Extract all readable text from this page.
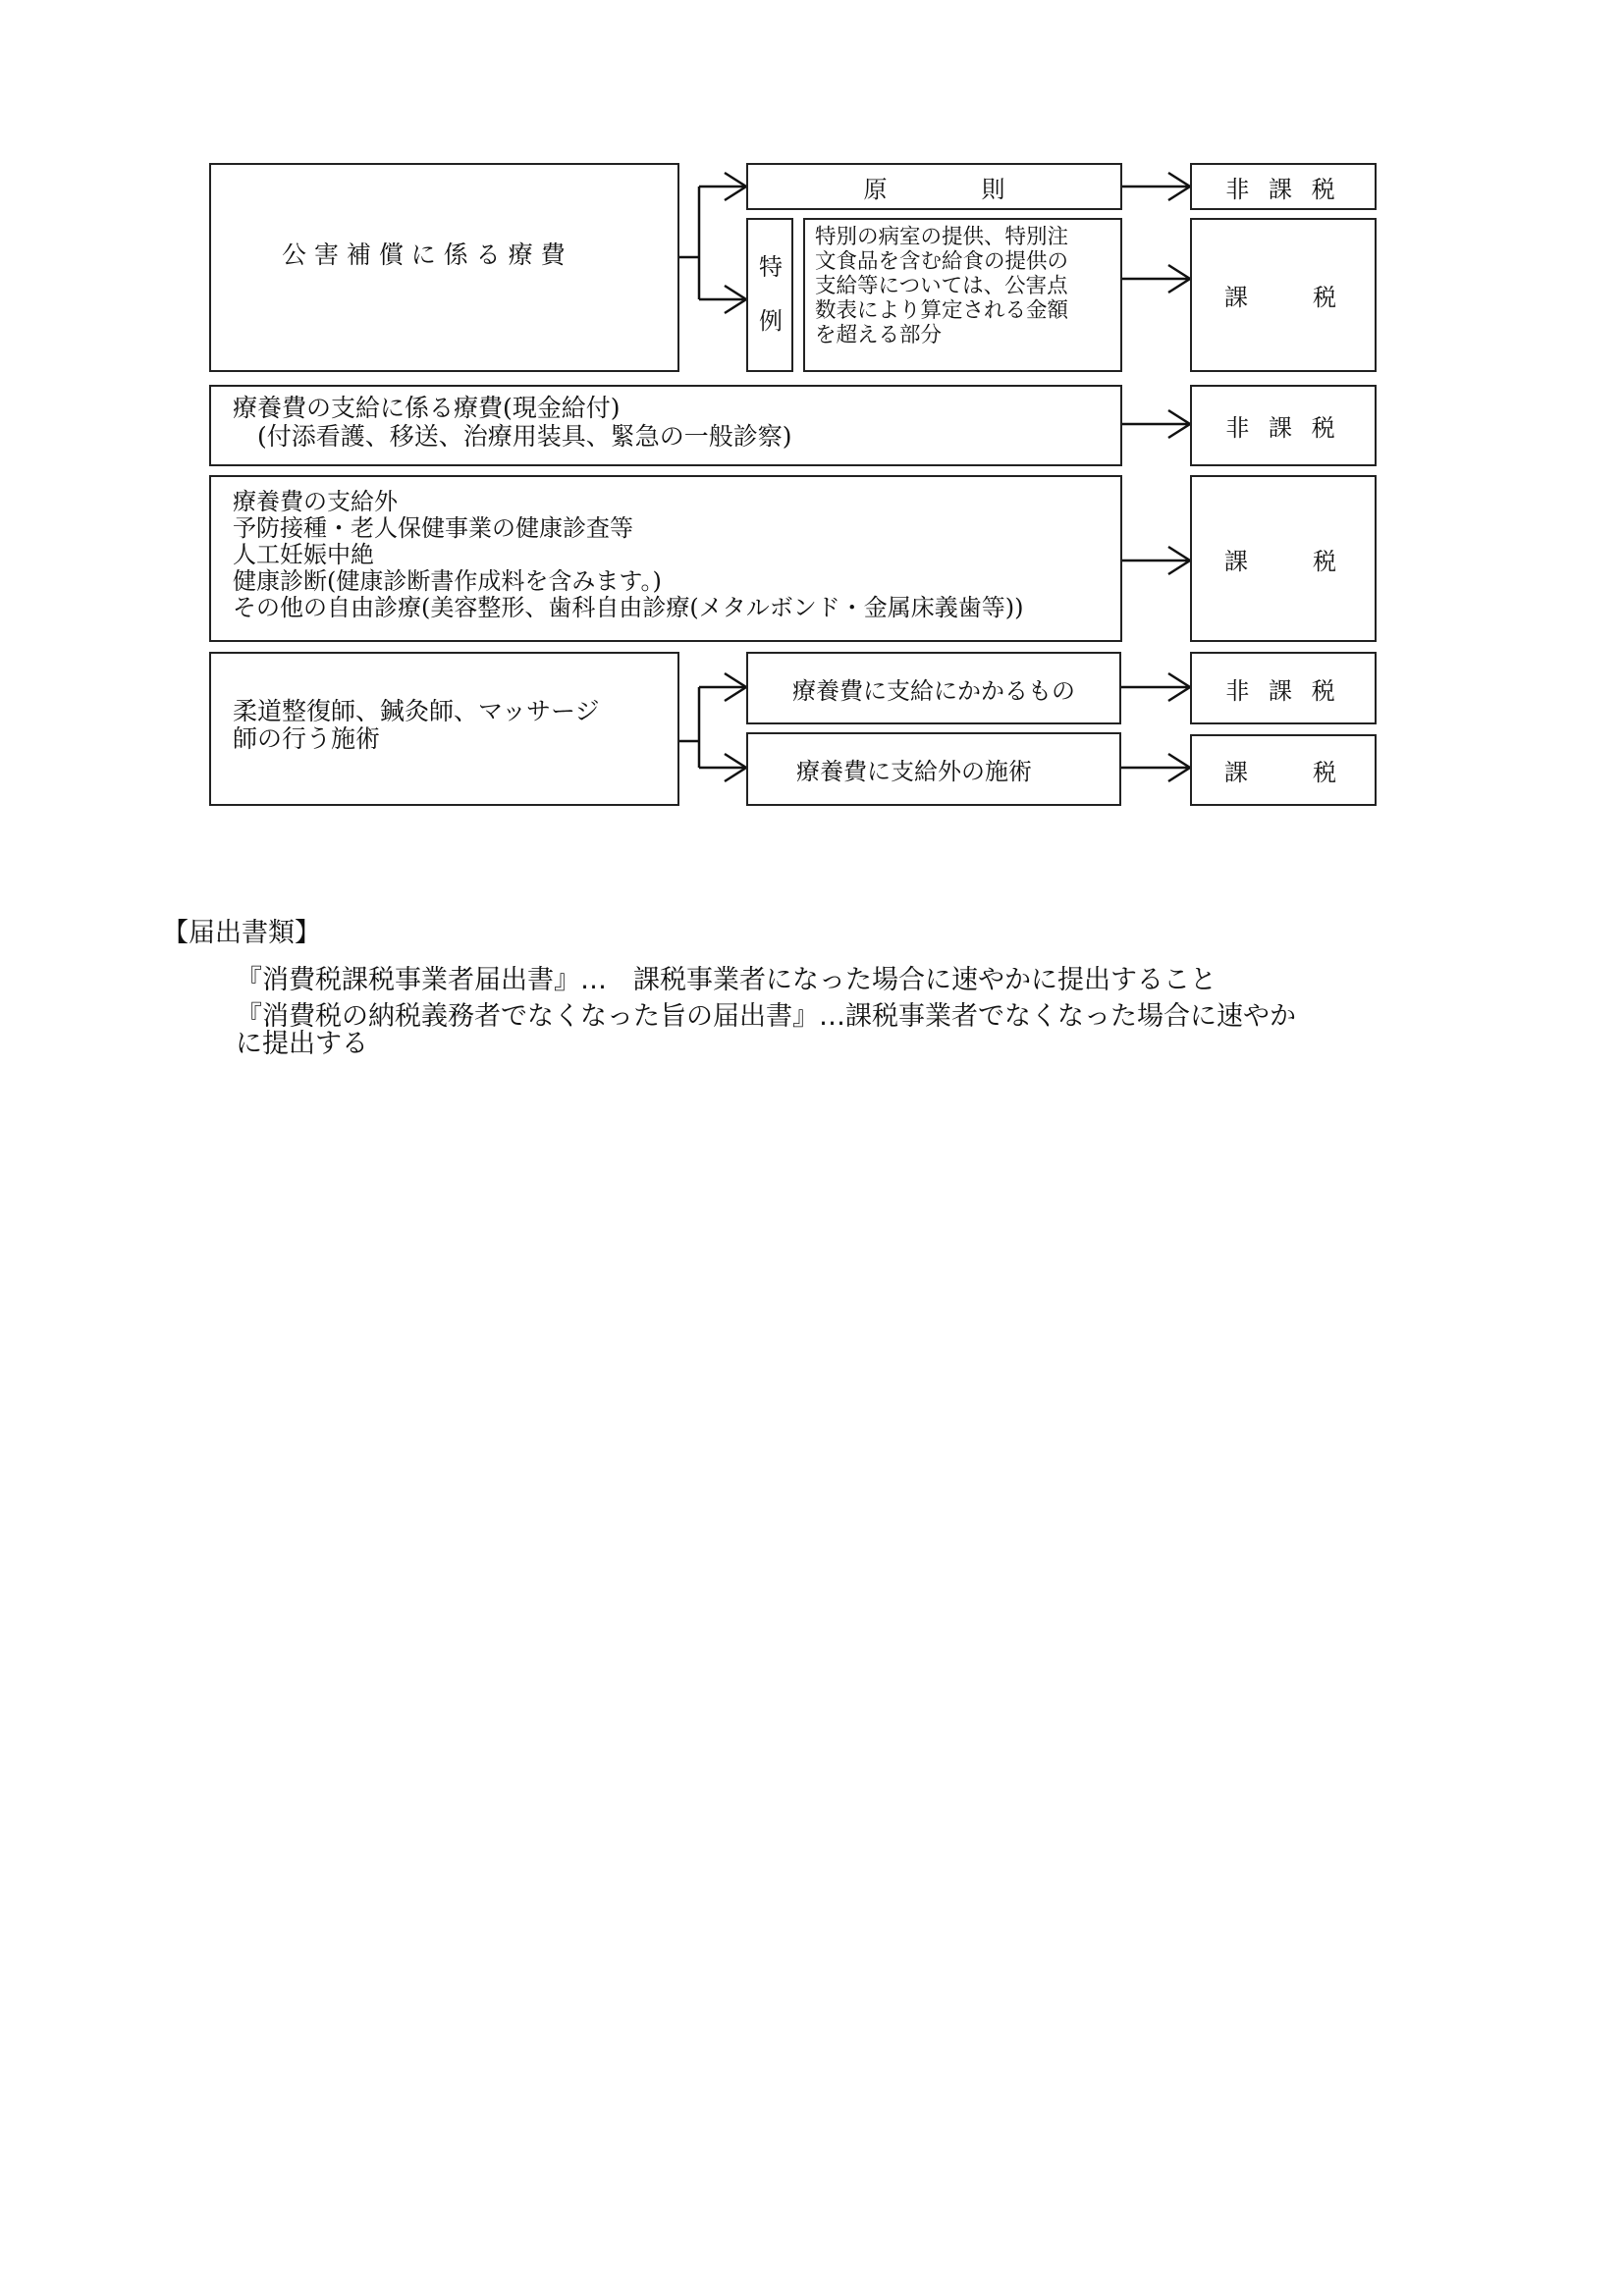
公 害 補 償 に 係 る 療 費
原　　　　則	非 課 税
特

例
特別の病室の提供、特別注
文食品を含む給食の提供の
支給等については、公害点
数表により算定される金額
を超える部分
課　　税
療養費の支給に係る療費(現金給付)
　(付添看護、移送、治療用装具、緊急の一般診察)	非 課 税
療養費の支給外
予防接種・老人保健事業の健康診査等
人工妊娠中絶
健康診断(健康診断書作成料を含みます。)
その他の自由診療(美容整形、歯科自由診療(メタルボンド・金属床義歯等))
課　　税
柔道整復師、鍼灸師、マッサージ
師の行う施術
療養費に支給にかかるもの	非 課 税
療養費に支給外の施術	課　　税
【届出書類】
『消費税課税事業者届出書』…　課税事業者になった場合に速やかに提出すること
『消費税の納税義務者でなくなった旨の届出書』…課税事業者でなくなった場合に速やか
に提出する
